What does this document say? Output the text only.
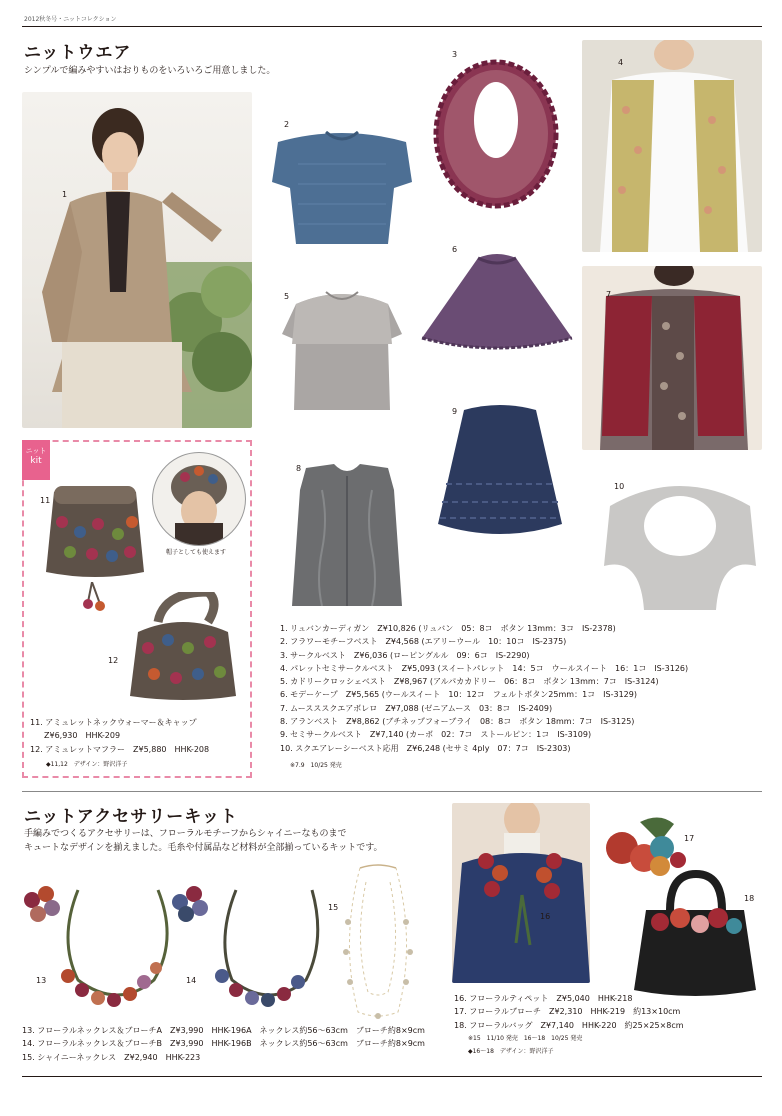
2012秋冬号・ニットコレクション
ニットウエア
シンプルで編みやすいはおりものをいろいろご用意しました。
1
2
3
4
5
6
7
8
9
10
1. リュバンカーディガン　Z¥10,826 (リュバン　05：8コ　ボタン 13mm：3コ　IS-2378)
2. フラワーモチーフベスト　Z¥4,568 (エアリーウール　10：10コ　IS-2375)
3. サークルベスト　Z¥6,036 (ローピングルル　09：6コ　IS-2290)
4. パレットセミサークルベスト　Z¥5,093 (スイートパレット　14：5コ　ウールスイート　16：1コ　IS-3126)
5. カドリークロッシェベスト　Z¥8,967 (アルパカカドリー　06：8コ　ボタン 13mm：7コ　IS-3124)
6. モデーケープ　Z¥5,565 (ウールスイート　10：12コ　フェルトボタン25mm：1コ　IS-3129)
7. ムースススクエアボレロ　Z¥7,088 (ゼニアムース　03：8コ　IS-2409)
8. アランベスト　Z¥8,862 (ブチネップフォーブライ　08：8コ　ボタン 18mm：7コ　IS-3125)
9. セミサークルベスト　Z¥7,140 (カーボ　02：7コ　ストールピン：1コ　IS-3109)
10. スクエアレーシーベスト応用　Z¥6,248 (セサミ 4ply　07：7コ　IS-2303)
※7.9　10/25 発売
ニット
kit
11
帽子としても使えます
12
11. アミュレットネックウォーマー＆キャップ
Z¥6,930　HHK-209
12. アミュレットマフラー　Z¥5,880　HHK-208
◆11,12　デザイン：野沢洋子
ニットアクセサリーキット
手編みでつくるアクセサリーは、フローラルモチーフからシャイニーなものまで
キュートなデザインを揃えました。毛糸や付属品など材料が全部揃っているキットです。
13	14
15
16
17
18
13. フローラルネックレス＆ブローチA　Z¥3,990　HHK-196A　ネックレス約56〜63cm　ブローチ約8×9cm
14. フローラルネックレス＆ブローチB　Z¥3,990　HHK-196B　ネックレス約56〜63cm　ブローチ約8×9cm
15. シャイニーネックレス　Z¥2,940　HHK-223
16. フローラルティペット　Z¥5,040　HHK-218
17. フローラルブローチ　Z¥2,310　HHK-219　約13×10cm
18. フローラルバッグ　Z¥7,140　HHK-220　約25×25×8cm
※15　11/10 発売　16〜18　10/25 発売
◆16〜18　デザイン：野沢洋子
